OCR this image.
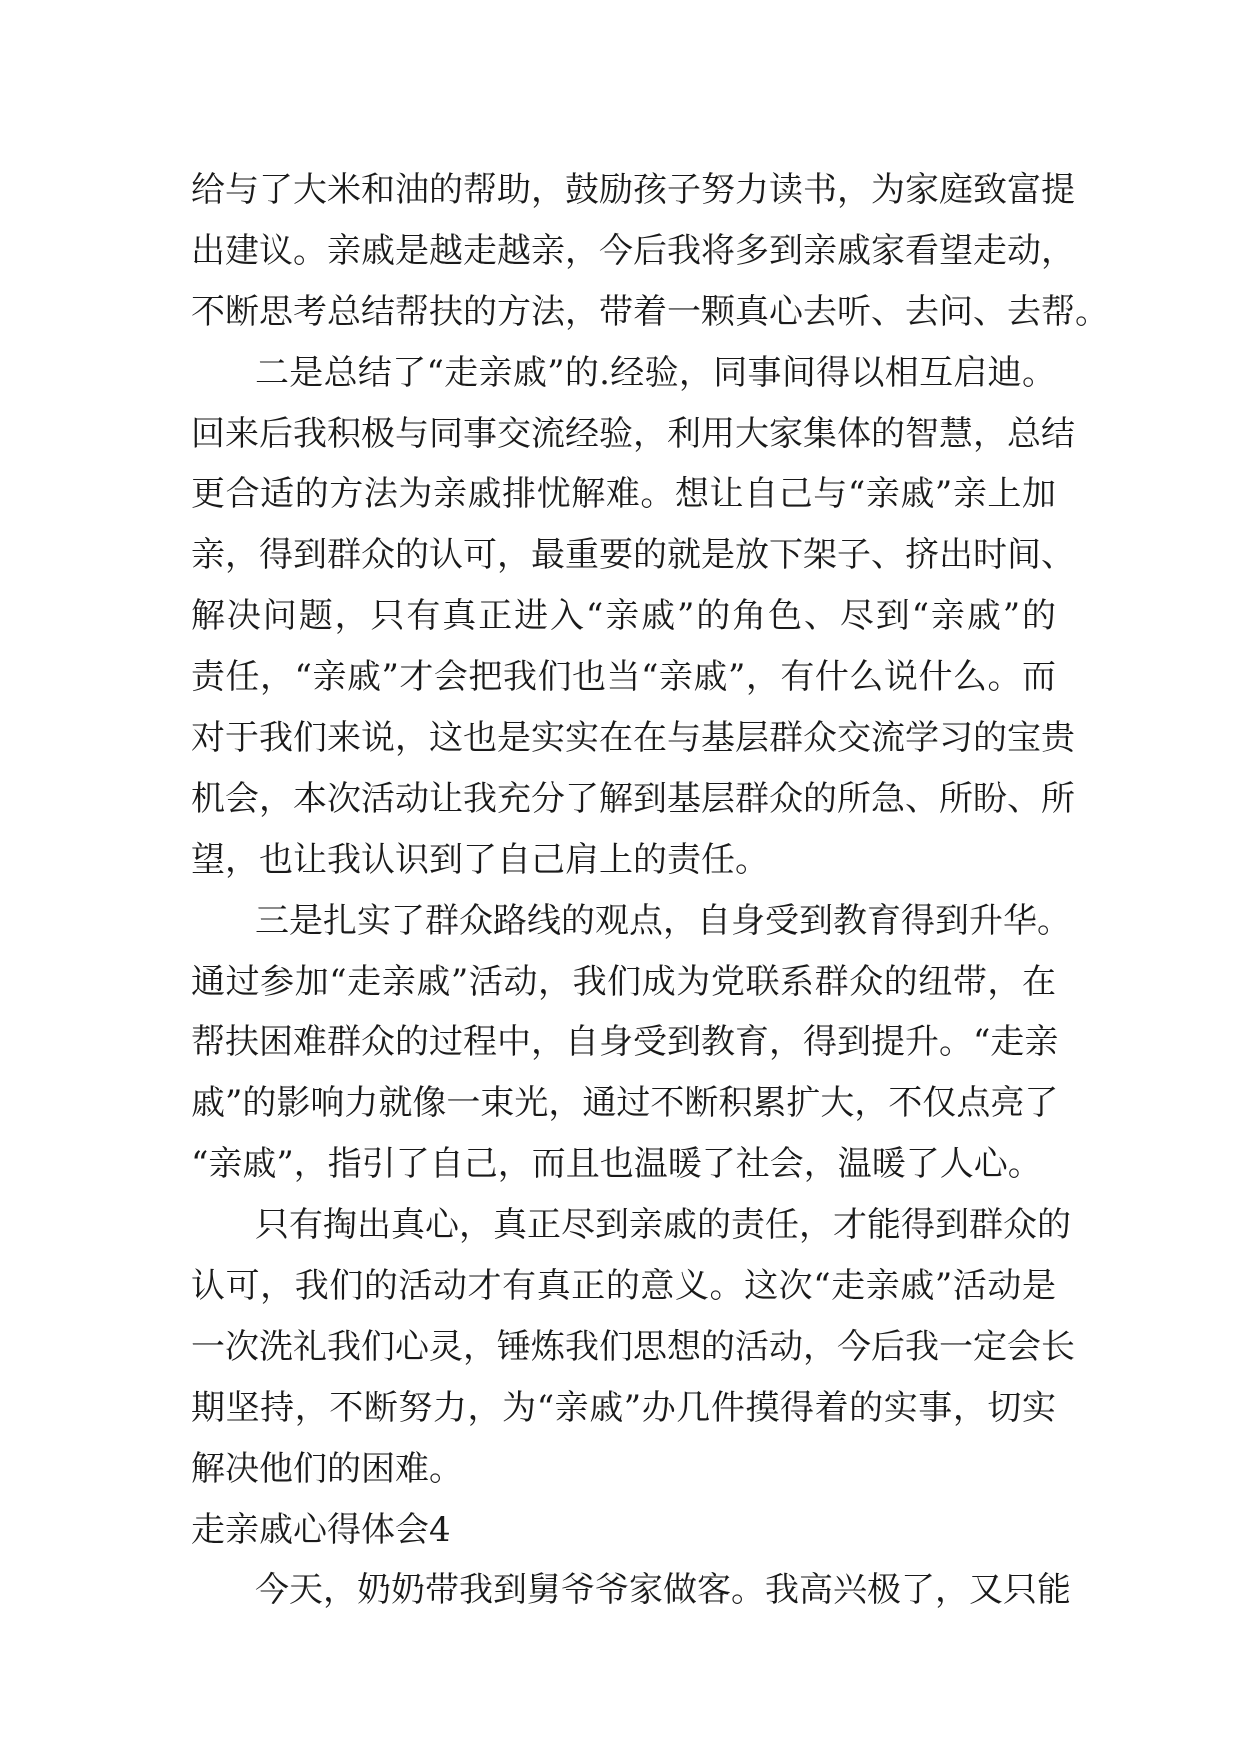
给与了大米和油的帮助，鼓励孩子努力读书，为家庭致富提
出建议。亲戚是越走越亲，今后我将多到亲戚家看望走动，
不断思考总结帮扶的方法，带着一颗真心去听、去问、去帮。
二是总结了“走亲戚”的.经验，同事间得以相互启迪。
回来后我积极与同事交流经验，利用大家集体的智慧，总结
更合适的方法为亲戚排忧解难。想让自己与“亲戚”亲上加
亲，得到群众的认可，最重要的就是放下架子、挤出时间、
解决问题，只有真正进入“亲戚”的角色、尽到“亲戚”的
责任，“亲戚”才会把我们也当“亲戚”，有什么说什么。而
对于我们来说，这也是实实在在与基层群众交流学习的宝贵
机会，本次活动让我充分了解到基层群众的所急、所盼、所
望，也让我认识到了自己肩上的责任。
三是扎实了群众路线的观点，自身受到教育得到升华。
通过参加“走亲戚”活动，我们成为党联系群众的纽带，在
帮扶困难群众的过程中，自身受到教育，得到提升。“走亲
戚”的影响力就像一束光，通过不断积累扩大，不仅点亮了
“亲戚”，指引了自己，而且也温暖了社会，温暖了人心。
只有掏出真心，真正尽到亲戚的责任，才能得到群众的
认可，我们的活动才有真正的意义。这次“走亲戚”活动是
一次洗礼我们心灵，锤炼我们思想的活动，今后我一定会长
期坚持，不断努力，为“亲戚”办几件摸得着的实事，切实
解决他们的困难。
走亲戚心得体会4
今天，奶奶带我到舅爷爷家做客。我高兴极了，又只能
